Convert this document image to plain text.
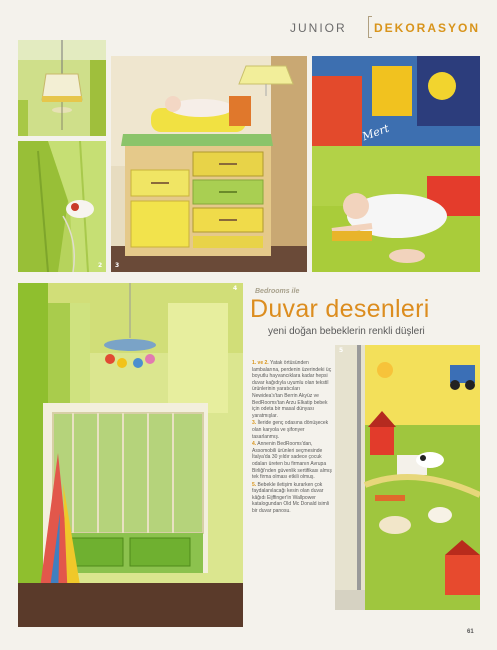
JUNIOR DEKORASYON
2 3
Mert
4	Bedrooms ile
Duvar desenleri
yeni doğan bebeklerin renkli düşleri

1. ve 2. Yatak örtüsünden lambalarına, perdenin üzerindeki üç boyutlu hayvancıklara kadar hepsi duvar kağıdıyla uyumlu olan tekstil ürünlerinin yaratıcıları Newidea's'tan Berrin Akyüz ve BedRooms'tan Arzu Elkatip bebek için odeta bir masal dünyası yaratmışlar.

3. İleride genç odasına dönüşecek olan karyola ve şifonyer tasarlanmış.

4. Annenin BedRooms'dan, Assomobili ürünleri seçmesinde İtalya'da 30 yıldır sadece çocuk odaları üreten bu firmanın Avrupa Birliği'nden güvenlik sertifikası almış tek firma olması etkili olmuş.

5. Bebekle iletişim kurarken çok faydalanılacağı kesin olan duvar kâğıdı Eijffinger'in Wallpower katalogundan Old Mc Donald isimli bir duvar panosu.

5
61
